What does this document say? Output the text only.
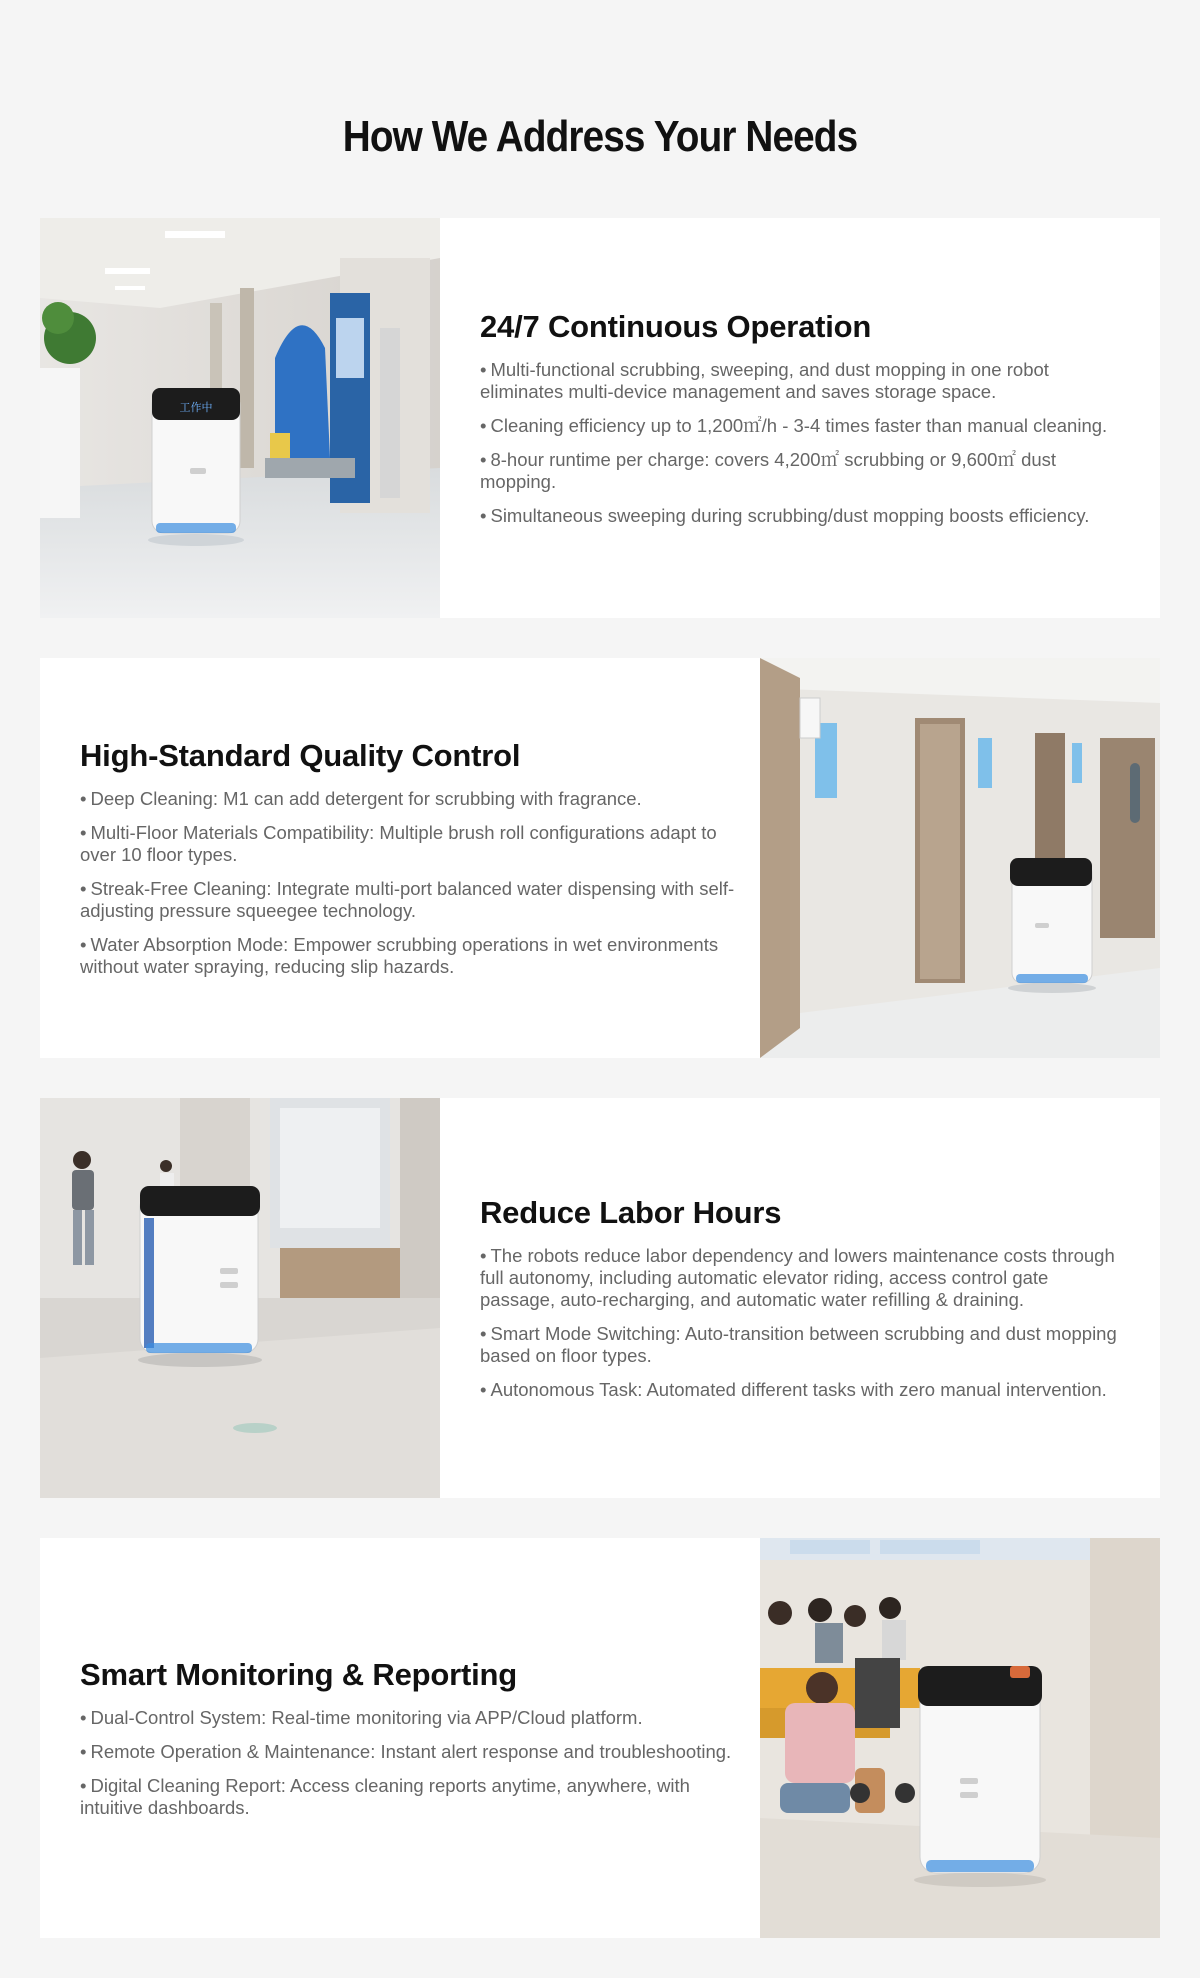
How We Address Your Needs
工作中
24/7 Continuous Operation
• Multi-functional scrubbing, sweeping, and dust mopping in one robot eliminates multi-device management and saves storage space.
• Cleaning efficiency up to 1,200㎡/h - 3-4 times faster than manual cleaning.
• 8-hour runtime per charge: covers 4,200㎡ scrubbing or 9,600㎡ dust mopping.
• Simultaneous sweeping during scrubbing/dust mopping boosts efficiency.
High-Standard Quality Control
• Deep Cleaning: M1 can add detergent for scrubbing with fragrance.
• Multi-Floor Materials Compatibility: Multiple brush roll configurations adapt to over 10 floor types.
• Streak-Free Cleaning: Integrate multi-port balanced water dispensing with self-adjusting pressure squeegee technology.
• Water Absorption Mode: Empower scrubbing operations in wet environments without water spraying, reducing slip hazards.
Reduce Labor Hours
• The robots reduce labor dependency and lowers maintenance costs through full autonomy, including automatic elevator riding, access control gate passage, auto-recharging, and automatic water refilling & draining.
• Smart Mode Switching: Auto-transition between scrubbing and dust mopping based on floor types.
• Autonomous Task: Automated different tasks with zero manual intervention.
Smart Monitoring & Reporting
• Dual-Control System: Real-time monitoring via APP/Cloud platform.
• Remote Operation & Maintenance: Instant alert response and troubleshooting.
• Digital Cleaning Report: Access cleaning reports anytime, anywhere, with intuitive dashboards.
